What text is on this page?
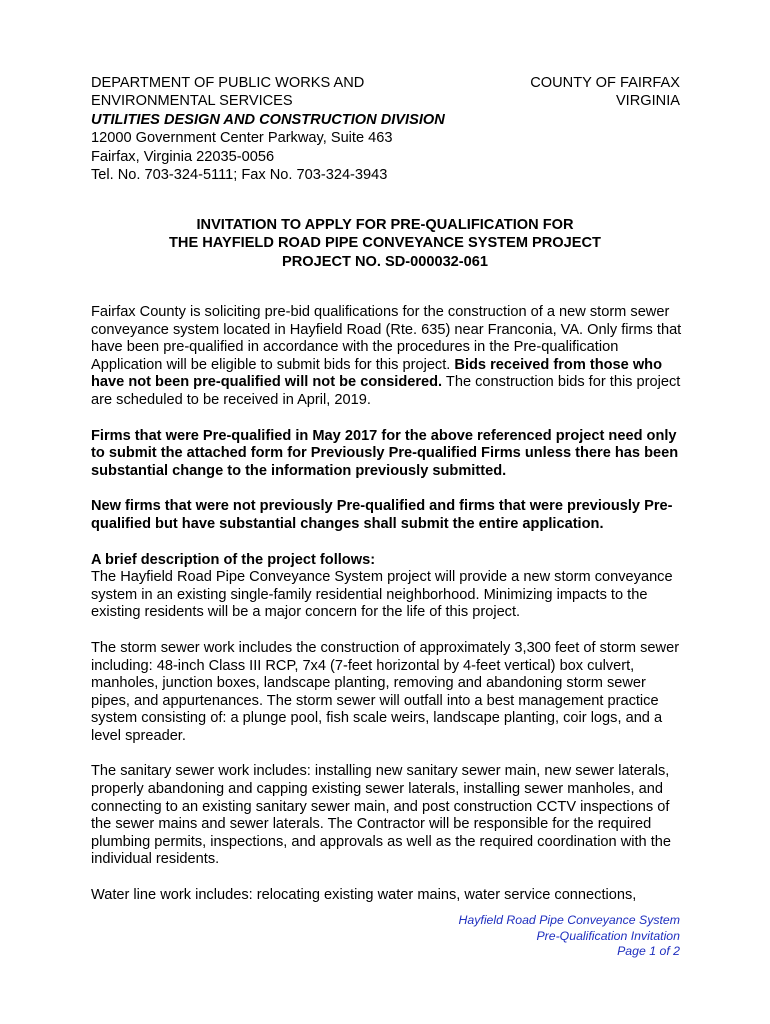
DEPARTMENT OF PUBLIC WORKS AND
ENVIRONMENTAL SERVICES
UTILITIES DESIGN AND CONSTRUCTION DIVISION
12000 Government Center Parkway, Suite 463
Fairfax, Virginia 22035-0056
Tel. No. 703-324-5111; Fax No. 703-324-3943
COUNTY OF FAIRFAX
VIRGINIA
INVITATION TO APPLY FOR PRE-QUALIFICATION FOR
THE HAYFIELD ROAD PIPE CONVEYANCE SYSTEM PROJECT
PROJECT NO. SD-000032-061

Fairfax County is soliciting pre-bid qualifications for the construction of a new storm sewer conveyance system located in Hayfield Road (Rte. 635) near Franconia, VA. Only firms that have been pre-qualified in accordance with the procedures in the Pre-qualification Application will be eligible to submit bids for this project. Bids received from those who have not been pre-qualified will not be considered. The construction bids for this project are scheduled to be received in April, 2019.

Firms that were Pre-qualified in May 2017 for the above referenced project need only to submit the attached form for Previously Pre-qualified Firms unless there has been substantial change to the information previously submitted.

New firms that were not previously Pre-qualified and firms that were previously Pre-qualified but have substantial changes shall submit the entire application.

A brief description of the project follows:
The Hayfield Road Pipe Conveyance System project will provide a new storm conveyance system in an existing single-family residential neighborhood. Minimizing impacts to the existing residents will be a major concern for the life of this project.

The storm sewer work includes the construction of approximately 3,300 feet of storm sewer including: 48-inch Class III RCP, 7x4 (7-feet horizontal by 4-feet vertical) box culvert, manholes, junction boxes, landscape planting, removing and abandoning storm sewer pipes, and appurtenances. The storm sewer will outfall into a best management practice system consisting of: a plunge pool, fish scale weirs, landscape planting, coir logs, and a level spreader.

The sanitary sewer work includes: installing new sanitary sewer main, new sewer laterals, properly abandoning and capping existing sewer laterals, installing sewer manholes, and connecting to an existing sanitary sewer main, and post construction CCTV inspections of the sewer mains and sewer laterals. The Contractor will be responsible for the required plumbing permits, inspections, and approvals as well as the required coordination with the individual residents.

Water line work includes: relocating existing water mains, water service connections,

Hayfield Road Pipe Conveyance System
Pre-Qualification Invitation
Page 1 of 2
